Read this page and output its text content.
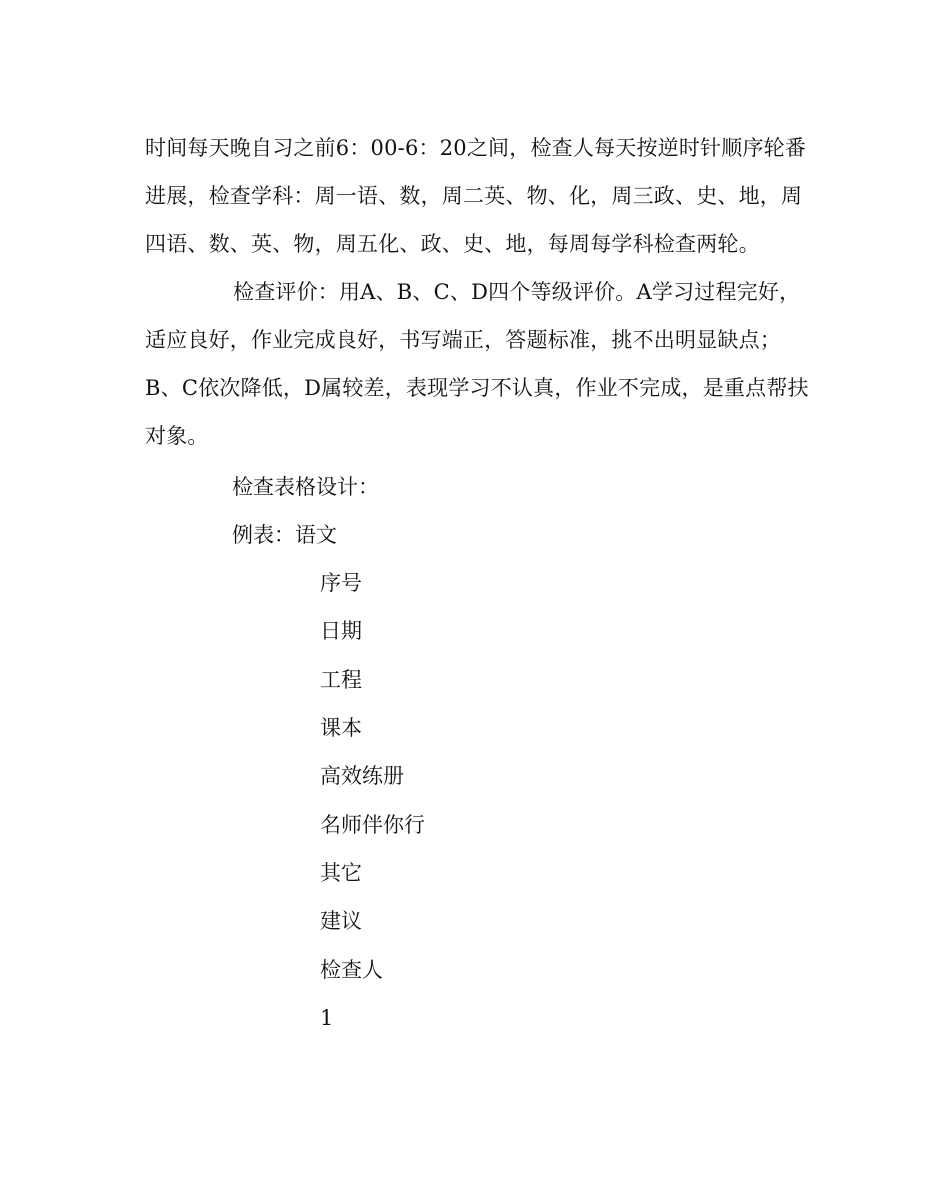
时间每天晚自习之前6：00-6：20之间，检查人每天按逆时针顺序轮番进展，检查学科：周一语、数，周二英、物、化，周三政、史、地，周四语、数、英、物，周五化、政、史、地，每周每学科检查两轮。

检查评价：用A、B、C、D四个等级评价。A学习过程完好，适应良好，作业完成良好，书写端正，答题标准，挑不出明显缺点；B、C依次降低，D属较差，表现学习不认真，作业不完成，是重点帮扶对象。

检查表格设计：

例表：语文

序号

日期

工程

课本

高效练册

名师伴你行

其它

建议

检查人

1
